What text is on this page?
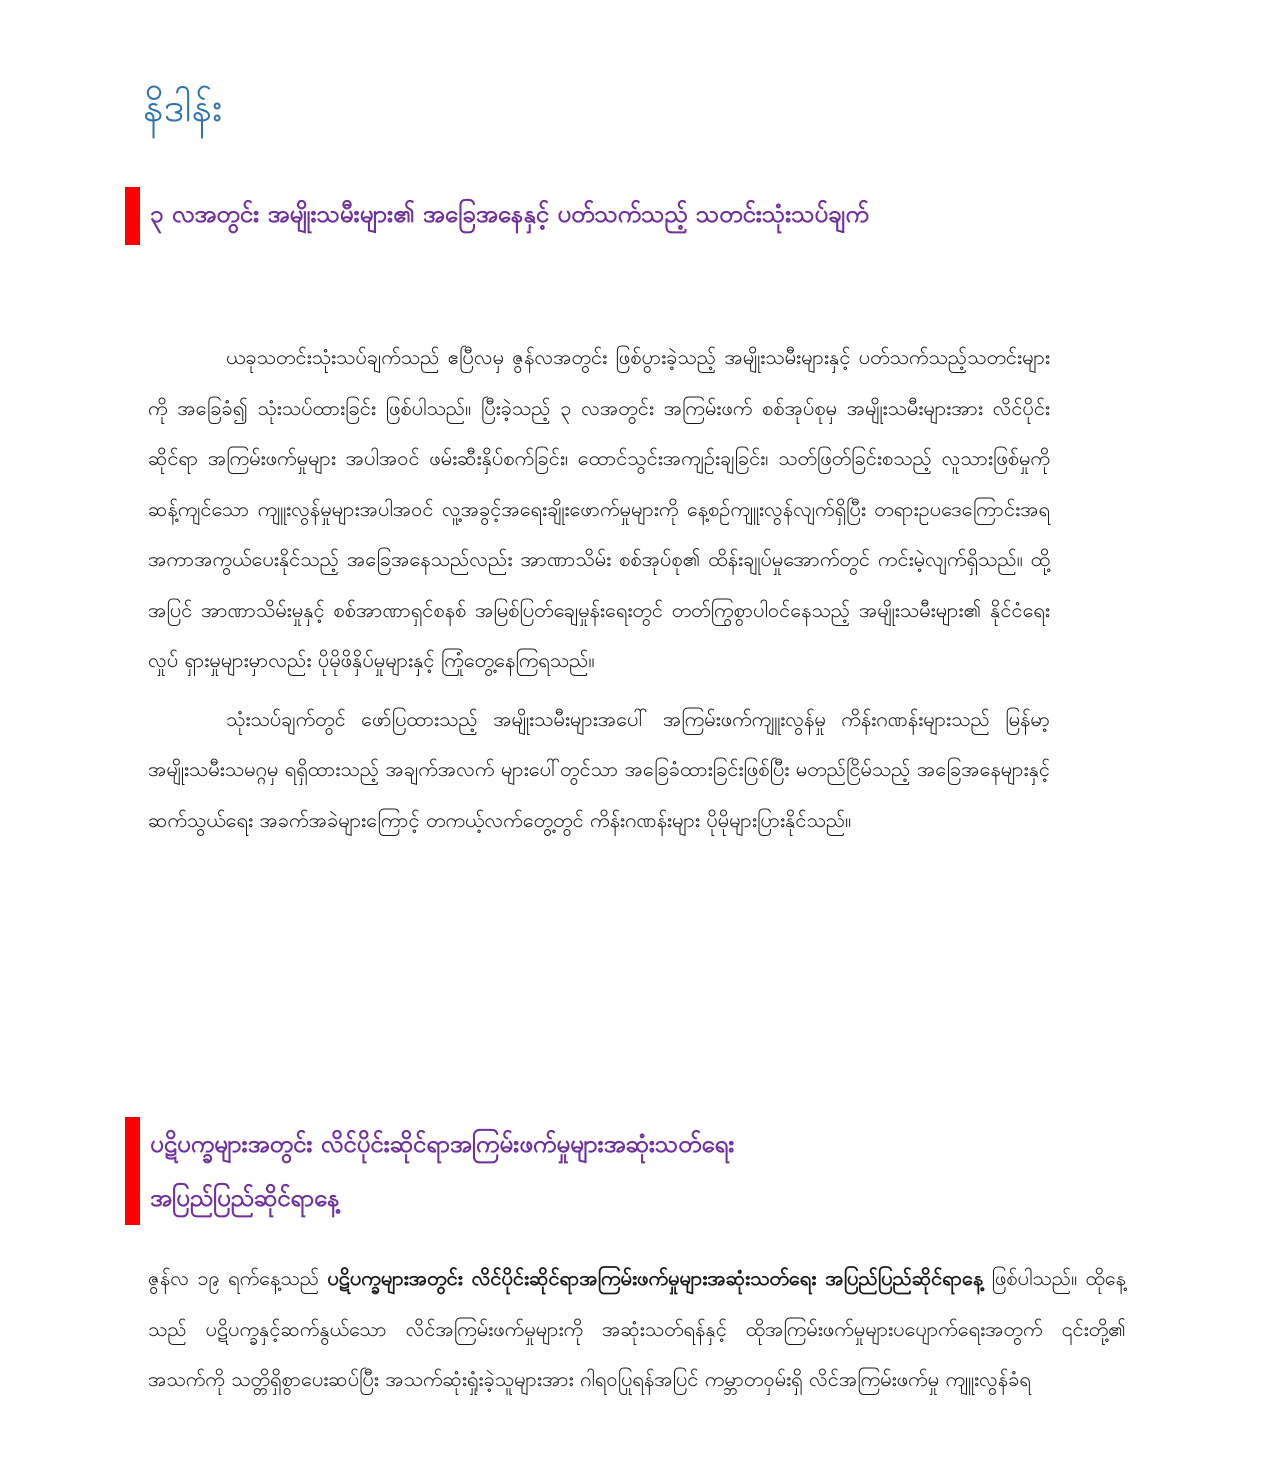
နိဒါန်း
၃ လအတွင်း အမျိုးသမီးများ၏ အခြေအနေနှင့် ပတ်သက်သည့် သတင်းသုံးသပ်ချက်

ယခုသတင်းသုံးသပ်ချက်သည် ဧပြီလမှ ဇွန်လအတွင်း ဖြစ်ပွားခဲ့သည့် အမျိုးသမီးများနှင့် ပတ်သက်သည့်သတင်းများကို အခြေခံ၍ သုံးသပ်ထားခြင်း ဖြစ်ပါသည်။ ပြီးခဲ့သည့် ၃ လအတွင်း အကြမ်းဖက် စစ်အုပ်စုမှ အမျိုးသမီးများအား လိင်ပိုင်းဆိုင်ရာ အကြမ်းဖက်မှုများ အပါအဝင် ဖမ်းဆီးနှိပ်စက်ခြင်း၊ ထောင်သွင်းအကျဉ်းချခြင်း၊ သတ်ဖြတ်ခြင်းစသည့် လူသားဖြစ်မှုကို ဆန့်ကျင်သော ကျူးလွန်မှုများအပါအဝင် လူ့အခွင့်အရေးချိုးဖောက်မှုများကို နေ့စဉ်ကျူးလွန်လျက်ရှိပြီး တရားဥပဒေကြောင်းအရ အကာအကွယ်ပေးနိုင်သည့် အခြေအနေသည်လည်း အာဏာသိမ်း စစ်အုပ်စု၏ ထိန်းချုပ်မှုအောက်တွင် ကင်းမဲ့လျက်ရှိသည်။ ထို့အပြင် အာဏာသိမ်းမှုနှင့် စစ်အာဏာရှင်စနစ် အမြစ်ပြတ်ချေမှုန်းရေးတွင် တတ်ကြွစွာပါဝင်နေသည့် အမျိုးသမီးများ၏ နိုင်ငံရေးလှုပ် ရှားမှုများမှာလည်း ပိုမိုဖိနှိပ်မှုများနှင့် ကြုံတွေ့နေကြရသည်။

သုံးသပ်ချက်တွင် ဖော်ပြထားသည့် အမျိုးသမီးများအပေါ် အကြမ်းဖက်ကျူးလွန်မှု ကိန်းဂဏန်းများသည် မြန်မာ့အမျိုးသမီးသမဂ္ဂမှ ရရှိထားသည့် အချက်အလက် များပေါ်တွင်သာ အခြေခံထားခြင်းဖြစ်ပြီး မတည်ငြိမ်သည့် အခြေအနေများနှင့် ဆက်သွယ်ရေး အခက်အခဲများကြောင့် တကယ့်လက်တွေ့တွင် ကိန်းဂဏန်းများ ပိုမိုများပြားနိုင်သည်။

ပဋိပက္ခများအတွင်း လိင်ပိုင်းဆိုင်ရာအကြမ်းဖက်မှုများအဆုံးသတ်ရေး
အပြည်ပြည်ဆိုင်ရာနေ့

ဇွန်လ ၁၉ ရက်နေ့သည် ပဋိပက္ခများအတွင်း လိင်ပိုင်းဆိုင်ရာအကြမ်းဖက်မှုများအဆုံးသတ်ရေး အပြည်ပြည်ဆိုင်ရာနေ့ ဖြစ်ပါသည်။ ထိုနေ့သည် ပဋိပက္ခနှင့်ဆက်နွယ်သော လိင်အကြမ်းဖက်မှုများကို အဆုံးသတ်ရန်နှင့် ထိုအကြမ်းဖက်မှုများပပျောက်ရေးအတွက် ၎င်းတို့၏ အသက်ကို သတ္တိရှိစွာပေးဆပ်ပြီး အသက်ဆုံးရှုံးခဲ့သူများအား ဂါရဝပြုရန်အပြင် ကမ္ဘာတဝှမ်းရှိ လိင်အကြမ်းဖက်မှု ကျူးလွန်ခံရ
